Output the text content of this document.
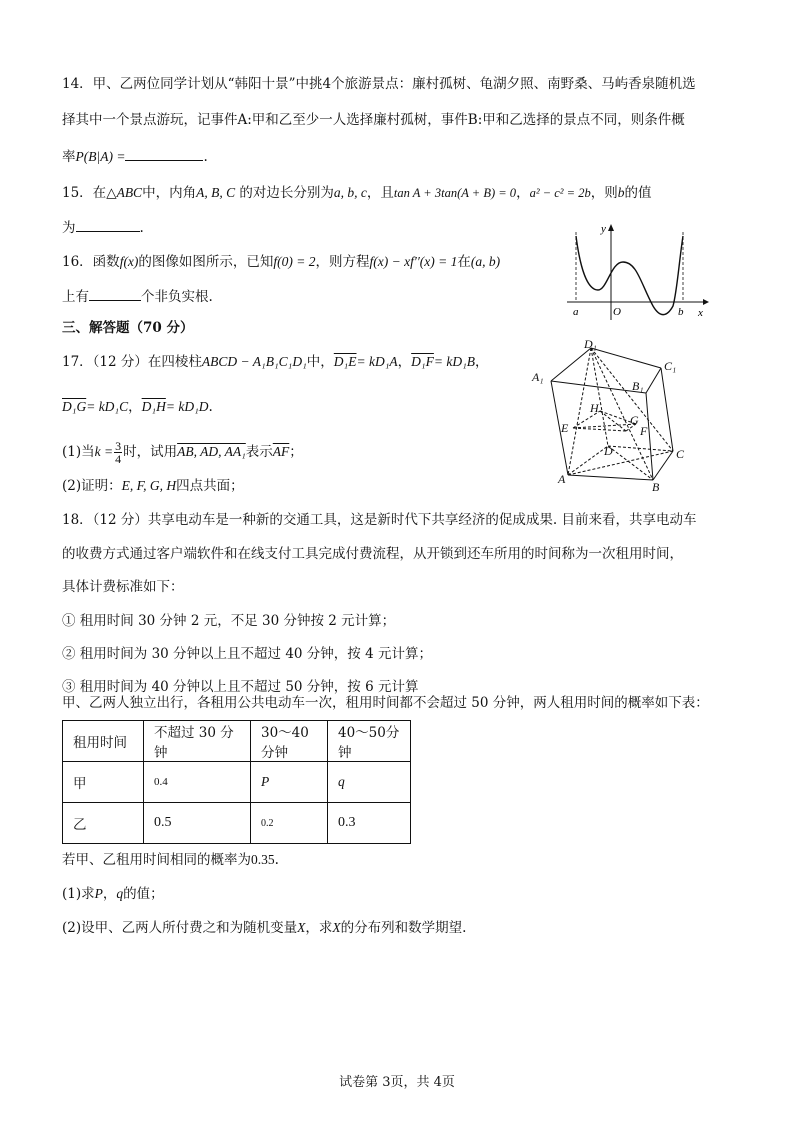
14．甲、乙两位同学计划从“韩阳十景”中挑4个旅游景点：廉村孤树、龟湖夕照、南野桑、马屿香泉随机选
择其中一个景点游玩，记事件A:甲和乙至少一人选择廉村孤树，事件B:甲和乙选择的景点不同，则条件概
率P(B|A) =	.
15．在△ABC中，内角A, B, C 的对边长分别为a, b, c，且tan A + 3tan(A + B) = 0，a² − c² = 2b，则b的值
为	.
16．函数f(x)的图像如图所示，已知f(0) = 2，则方程f(x) − xf′′(x) = 1在(a, b)
上有	个非负实根.
y
x
a	O	b
三、解答题（70 分）
17．（12 分）在四棱柱ABCD − A₁B₁C₁D₁中，D₁E= kD₁A，D₁F= kD₁B，
D₁G= kD₁C，D₁H= kD₁D.
(1)当$k = \frac{3}{4}$ 时，试用AB, AD, AA₁表示$\overline{AF}$；
(2)证明：E, F, G, H四点共面；
D₁
C₁
A₁
B₁
H
G
F
E
D	C
A
B
18．（12 分）共享电动车是一种新的交通工具，这是新时代下共享经济的促成成果. 目前来看，共享电动车
的收费方式通过客户端软件和在线支付工具完成付费流程，从开锁到还车所用的时间称为一次租用时间，
具体计费标准如下：
① 租用时间 30 分钟 2 元，不足 30 分钟按 2 元计算；
② 租用时间为 30 分钟以上且不超过 40 分钟，按 4 元计算；
③ 租用时间为 40 分钟以上且不超过 50 分钟，按 6 元计算
甲、乙两人独立出行，各租用公共电动车一次，租用时间都不会超过 50 分钟，两人租用时间的概率如下表：
租用时间	不超过 30 分钟	30～40分钟	40～50分钟
甲	0.4	P	q
乙	0.5	0.2	0.3
若甲、乙租用时间相同的概率为0.35.
(1)求P，q的值；
(2)设甲、乙两人所付费之和为随机变量X，求X的分布列和数学期望.
试卷第 3页，共 4页
